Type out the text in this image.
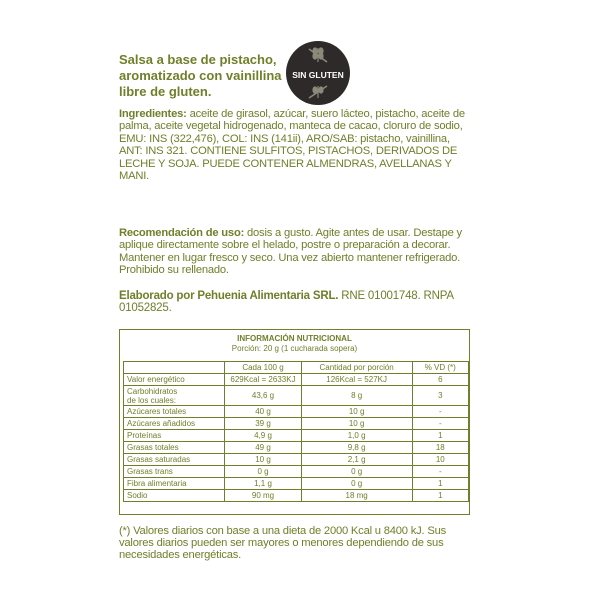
Salsa a base de pistacho, aromatizado con vainillina libre de gluten.
SIN GLUTEN
Ingredientes: aceite de girasol, azúcar, suero lácteo, pistacho, aceite de palma, aceite vegetal hidrogenado, manteca de cacao, cloruro de sodio, EMU: INS (322,476), COL: INS (141ii), ARO/SAB: pistacho, vainillina, ANT: INS 321. CONTIENE SULFITOS, PISTACHOS, DERIVADOS DE LECHE Y SOJA. PUEDE CONTENER ALMENDRAS, AVELLANAS Y MANI.
Recomendación de uso: dosis a gusto. Agite antes de usar. Destape y aplique directamente sobre el helado, postre o preparación a decorar. Mantener en lugar fresco y seco. Una vez abierto mantener refrigerado. Prohibido su rellenado.
Elaborado por Pehuenia Alimentaria SRL. RNE 01001748. RNPA 01052825.
INFORMACIÓN NUTRICIONAL
Porción: 20 g (1 cucharada sopera)
	Cada 100 g	Cantidad por porción	% VD (*)
Valor energético	629Kcal = 2633KJ	126Kcal = 527KJ	6
Carbohidratos
de los cuales:	43,6 g	8 g	3
Azúcares totales	40 g	10 g	-
Azúcares añadidos	39 g	10 g	-
Proteínas	4,9 g	1,0 g	1
Grasas totales	49 g	9,8 g	18
Grasas saturadas	10 g	2,1 g	10
Grasas trans	0 g	0 g	-
Fibra alimentaria	1,1 g	0 g	1
Sodio	90 mg	18 mg	1
(*) Valores diarios con base a una dieta de 2000 Kcal u 8400 kJ. Sus valores diarios pueden ser mayores o menores dependiendo de sus necesidades energéticas.
